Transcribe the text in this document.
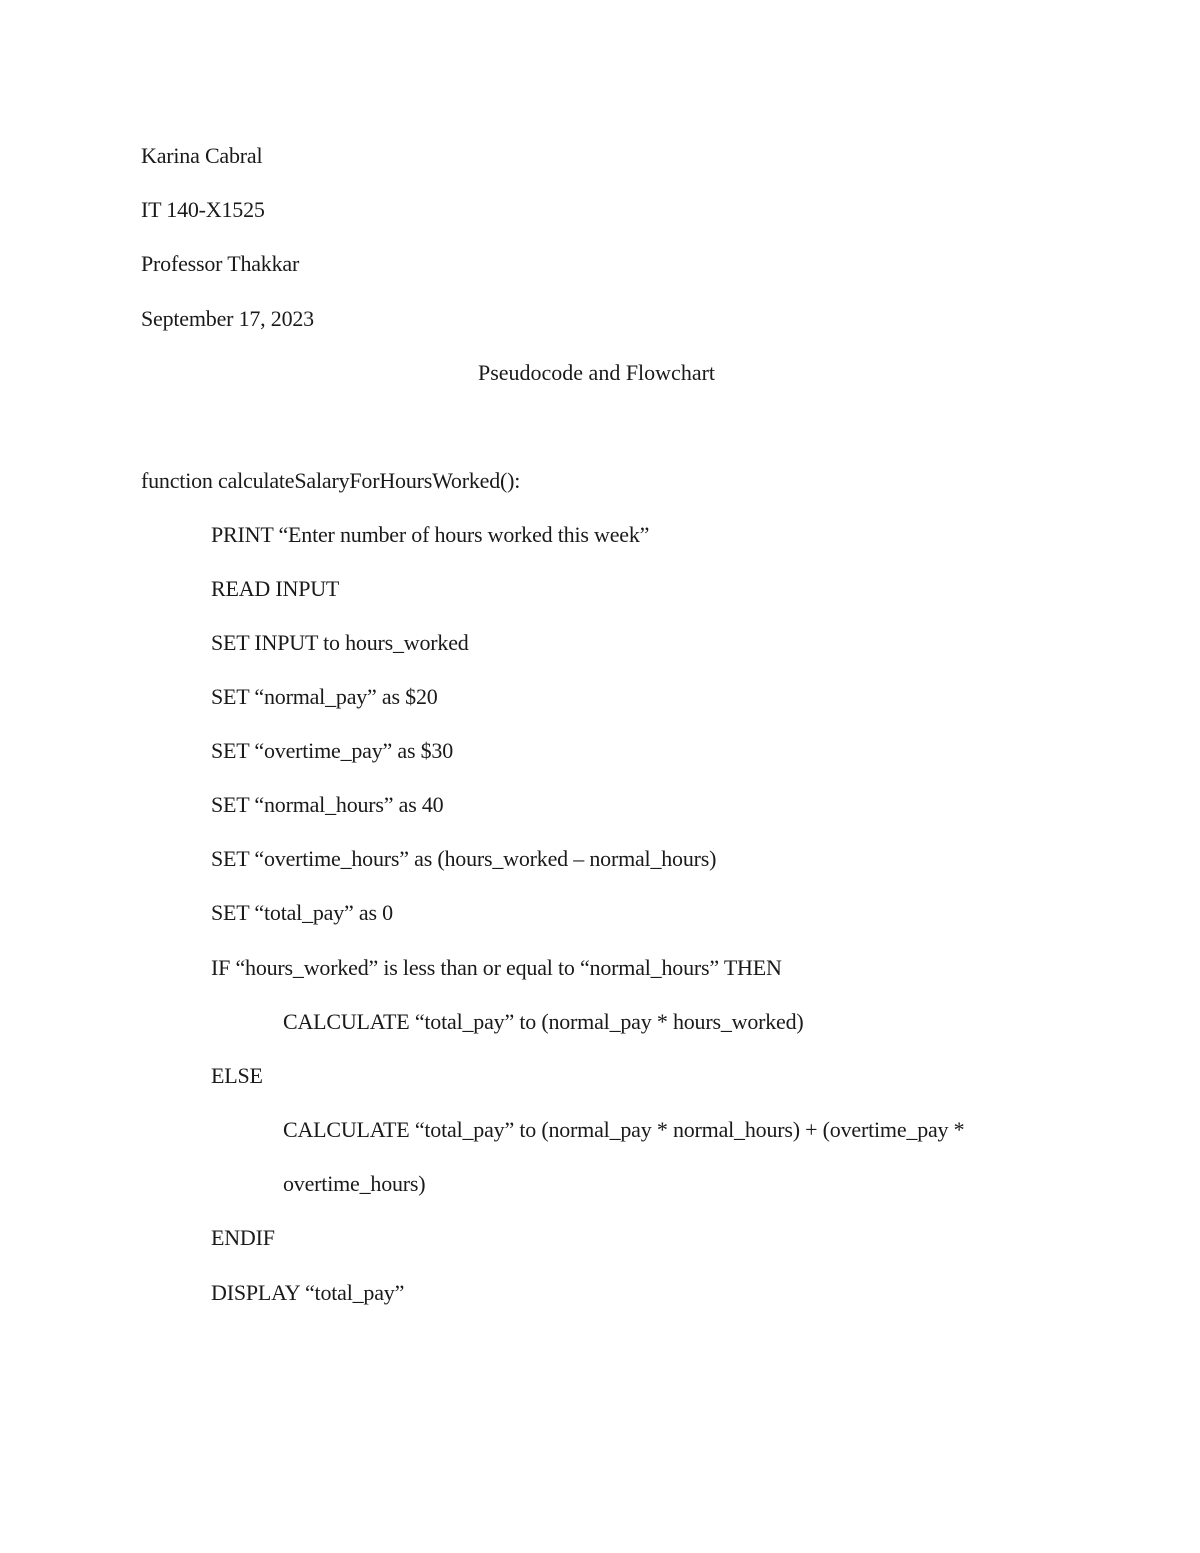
Karina Cabral
IT 140-X1525
Professor Thakkar
September 17, 2023
Pseudocode and Flowchart
function calculateSalaryForHoursWorked():
PRINT “Enter number of hours worked this week”
READ INPUT
SET INPUT to hours_worked
SET “normal_pay” as $20
SET “overtime_pay” as $30
SET “normal_hours” as 40
SET “overtime_hours” as (hours_worked – normal_hours)
SET “total_pay” as 0
IF “hours_worked” is less than or equal to “normal_hours” THEN
CALCULATE “total_pay” to (normal_pay * hours_worked)
ELSE
CALCULATE “total_pay” to (normal_pay * normal_hours) + (overtime_pay *
overtime_hours)
ENDIF
DISPLAY “total_pay”
